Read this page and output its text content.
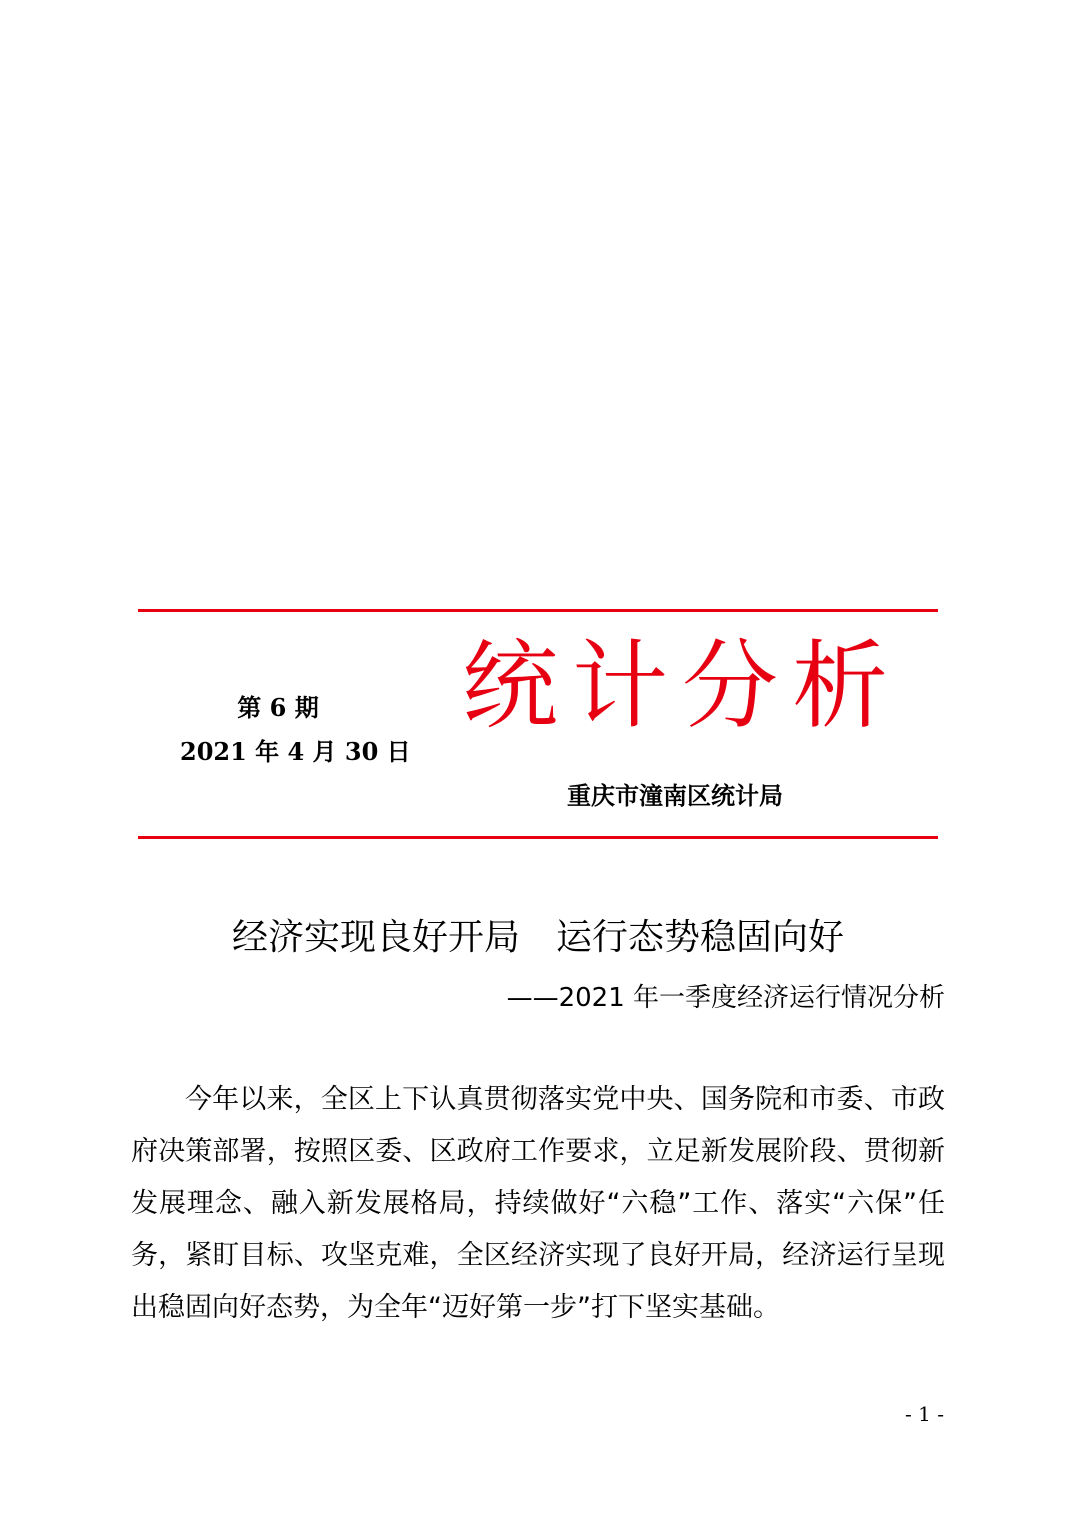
第 6 期
2021 年 4 月 30 日
统计分析
重庆市潼南区统计局
经济实现良好开局　运行态势稳固向好
——2021 年一季度经济运行情况分析

今年以来，全区上下认真贯彻落实党中央、国务院和市委、市政府决策部署，按照区委、区政府工作要求，立足新发展阶段、贯彻新发展理念、融入新发展格局，持续做好“六稳”工作、落实“六保”任务，紧盯目标、攻坚克难，全区经济实现了良好开局，经济运行呈现出稳固向好态势，为全年“迈好第一步”打下坚实基础。

- 1 -
